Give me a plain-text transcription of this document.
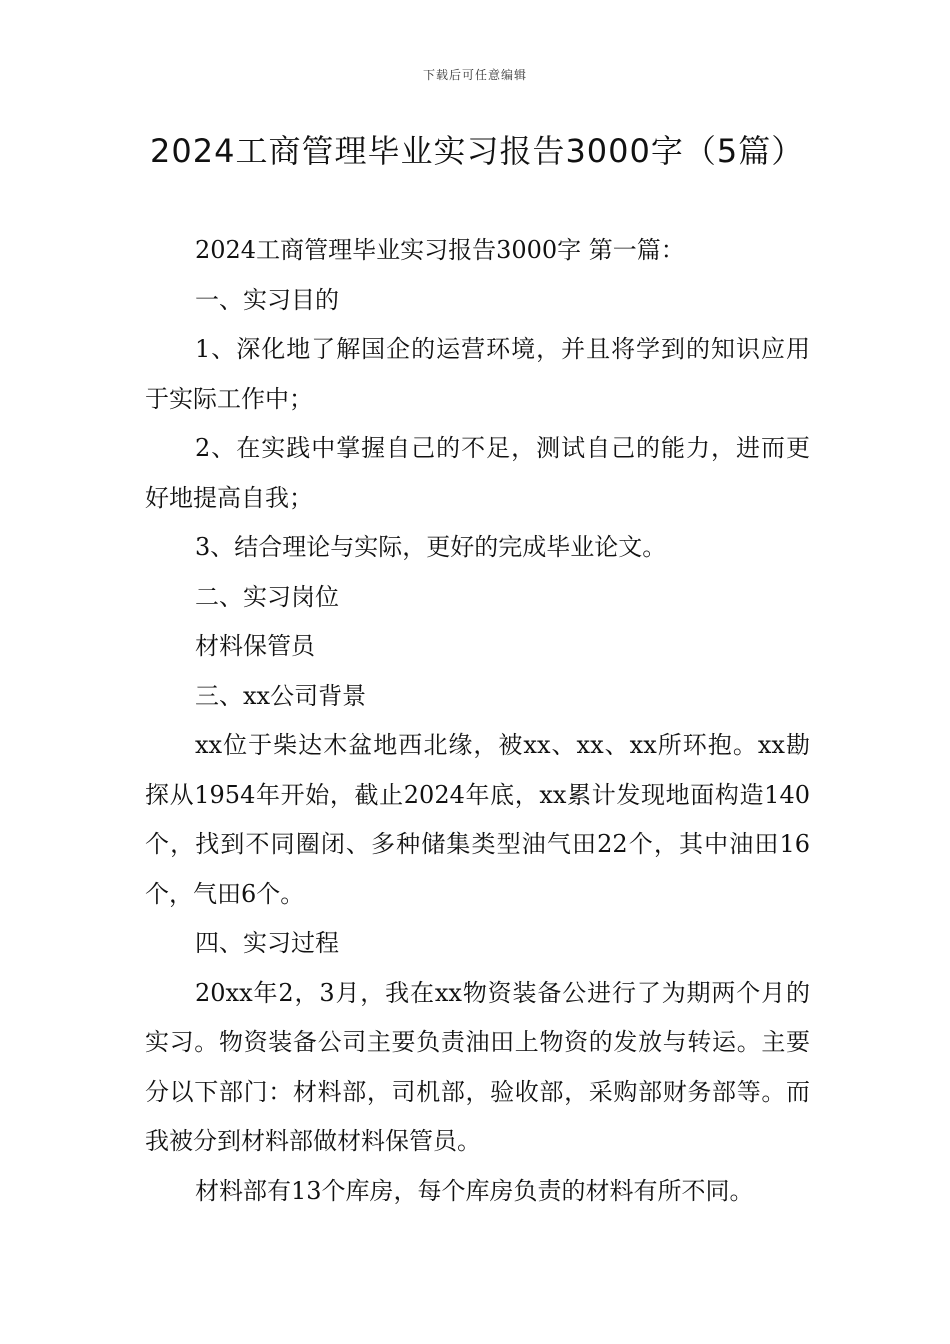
下载后可任意编辑
2024工商管理毕业实习报告3000字（5篇）

2024工商管理毕业实习报告3000字 第一篇：

一、实习目的

1、深化地了解国企的运营环境，并且将学到的知识应用于实际工作中；

2、在实践中掌握自己的不足，测试自己的能力，进而更好地提高自我；

3、结合理论与实际，更好的完成毕业论文。

二、实习岗位

材料保管员

三、xx公司背景

xx位于柴达木盆地西北缘，被xx、xx、xx所环抱。xx勘探从1954年开始，截止2024年底，xx累计发现地面构造140个，找到不同圈闭、多种储集类型油气田22个，其中油田16个，气田6个。

四、实习过程

20xx年2，3月，我在xx物资装备公进行了为期两个月的实习。物资装备公司主要负责油田上物资的发放与转运。主要分以下部门：材料部，司机部，验收部，采购部财务部等。而我被分到材料部做材料保管员。

材料部有13个库房，每个库房负责的材料有所不同。
